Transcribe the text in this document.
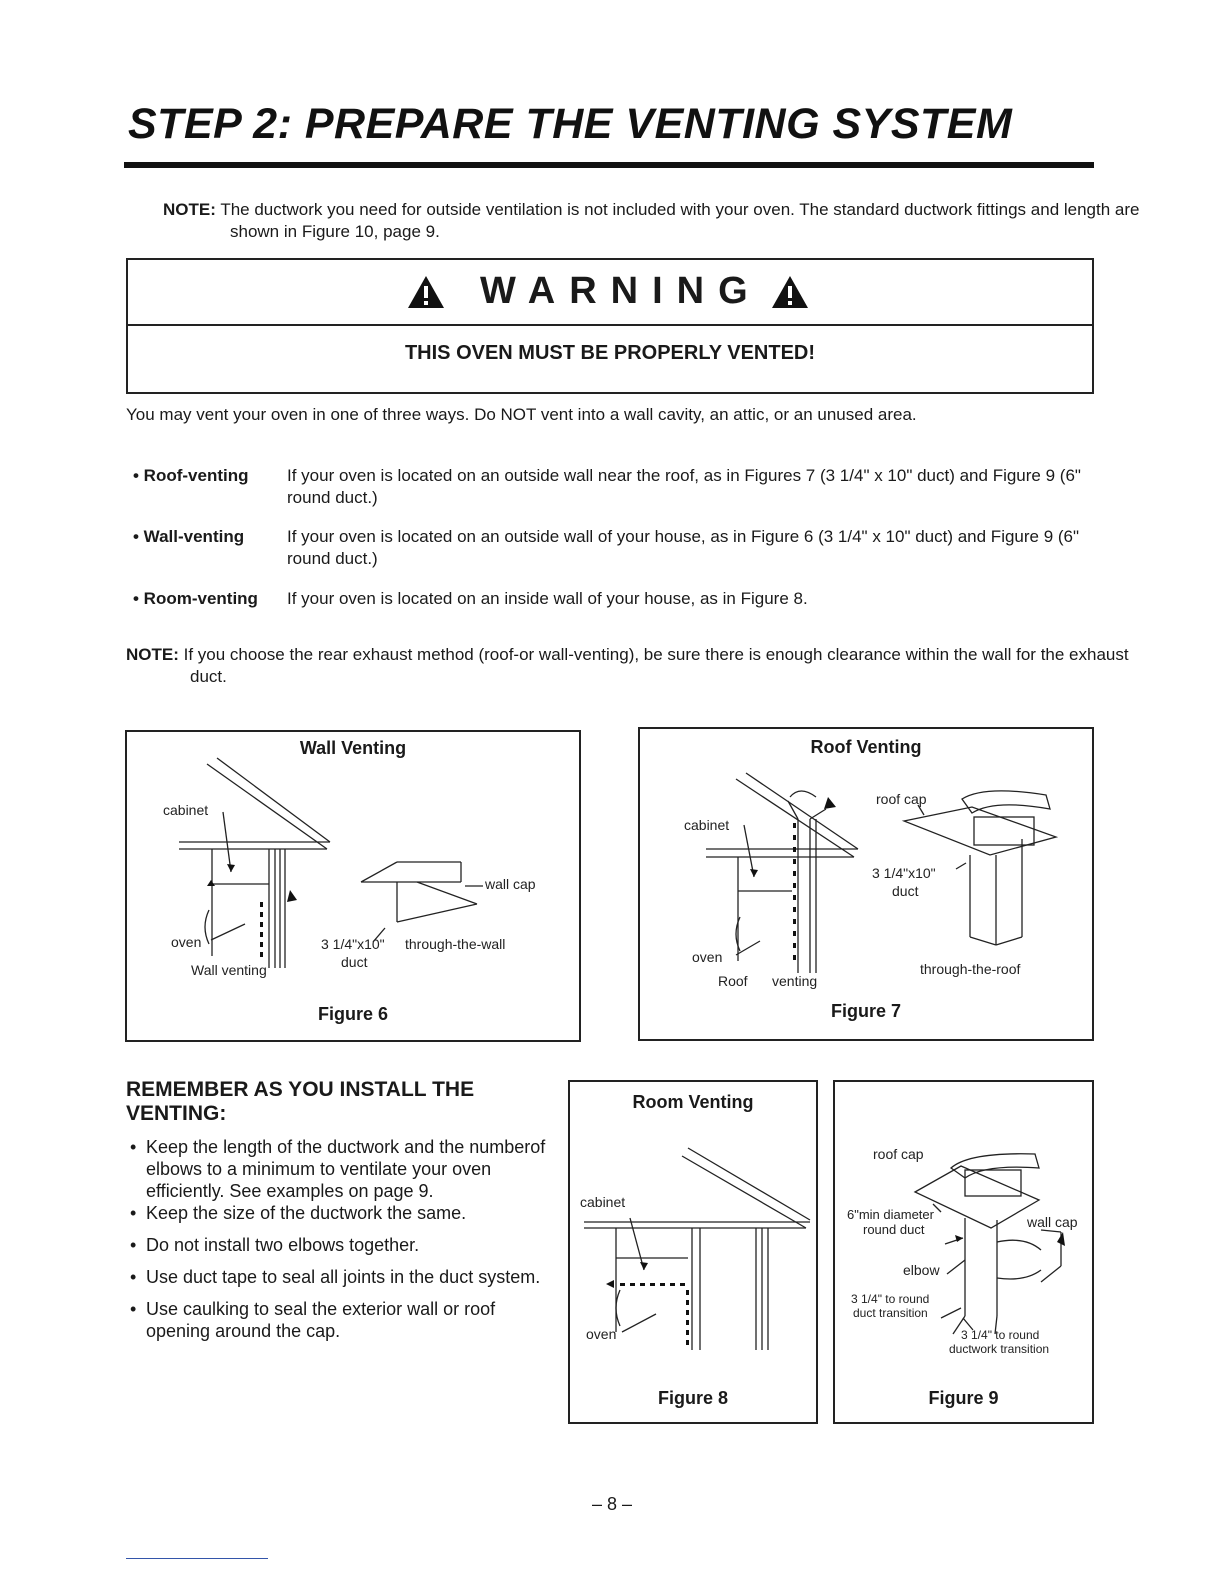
STEP 2: PREPARE THE VENTING SYSTEM
NOTE: The ductwork you need for outside ventilation is not included with your oven. The standard ductwork fittings and length are shown in Figure 10, page 9.
WARNING
THIS OVEN MUST BE PROPERLY VENTED!
You may vent your oven in one of three ways. Do NOT vent into a wall cavity, an attic, or an unused area.
• Roof-venting If your oven is located on an outside wall near the roof, as in Figures 7 (3 1/4" x 10" duct) and Figure 9 (6" round duct.)
• Wall-venting	If your oven is located on an outside wall of your house, as in Figure 6 (3 1/4" x 10" duct) and Figure 9 (6" round duct.)
• Room-venting If your oven is located on an inside wall of your house, as in Figure 8.
NOTE: If you choose the rear exhaust method (roof-or wall-venting), be sure there is enough clearance within the wall for the exhaust duct.
Wall Venting
cabinet
oven
Wall venting
wall cap
3 1/4"x10" through-the-wall
duct
Figure 6
Roof Venting
cabinet
oven
Roof venting
roof cap
3 1/4"x10"
duct
through-the-roof
Figure 7
REMEMBER AS YOU INSTALL THE VENTING:
• Keep the length of the ductwork and the numberof elbows to a minimum to ventilate your oven efficiently. See examples on page 9.
• Keep the size of the ductwork the same.
• Do not install two elbows together.
• Use duct tape to seal all joints in the duct system.
• Use caulking to seal the exterior wall or roof opening around the cap.
Room Venting
cabinet
oven
Figure 8
roof cap
6"min diameter
round duct	wall cap
elbow
3 1/4" to round
duct transition
3 1/4" to round
ductwork transition
Figure 9
– 8 –
